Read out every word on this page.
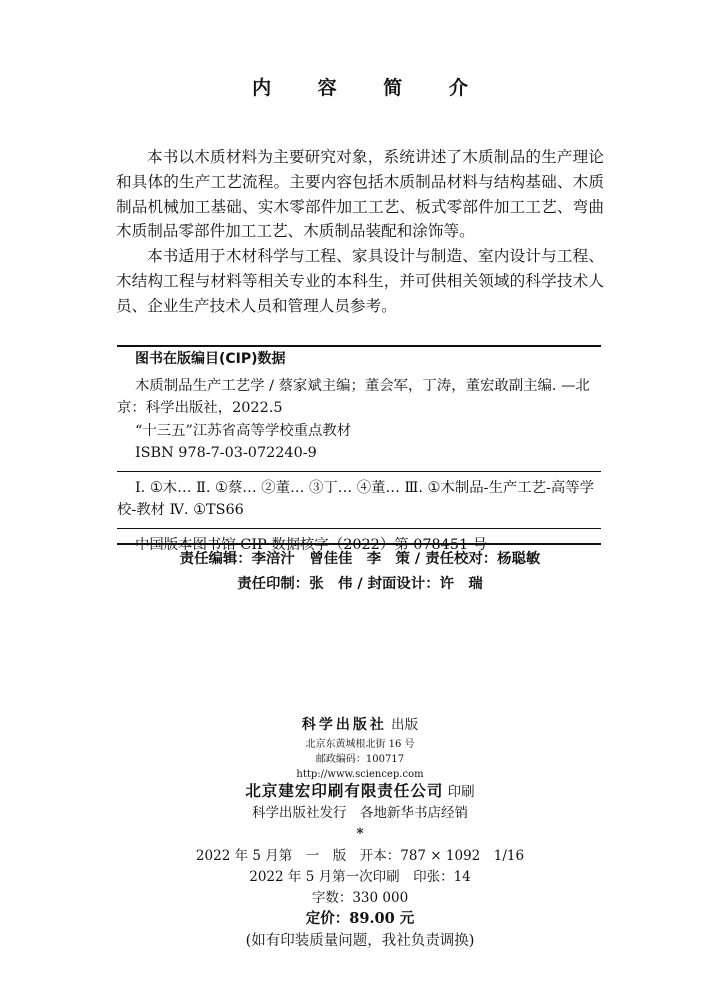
内 容 简 介

本书以木质材料为主要研究对象，系统讲述了木质制品的生产理论和具体的生产工艺流程。主要内容包括木质制品材料与结构基础、木质制品机械加工基础、实木零部件加工工艺、板式零部件加工工艺、弯曲木质制品零部件加工工艺、木质制品装配和涂饰等。

本书适用于木材科学与工程、家具设计与制造、室内设计与工程、木结构工程与材料等相关专业的本科生，并可供相关领域的科学技术人员、企业生产技术人员和管理人员参考。

图书在版编目(CIP)数据
木质制品生产工艺学 / 蔡家斌主编；董会军，丁涛，董宏敢副主编. —北京：科学出版社，2022.5
“十三五”江苏省高等学校重点教材
ISBN 978-7-03-072240-9
Ⅰ. ①木… Ⅱ. ①蔡… ②董… ③丁… ④董… Ⅲ. ①木制品-生产工艺-高等学校-教材 Ⅳ. ①TS66
责任编辑：李涪汁　曾佳佳　李　策 / 责任校对：杨聪敏
责任印制：张　伟 / 封面设计：许　瑞
科学出版社 出版
北京东黄城根北街 16 号
邮政编码：100717
http://www.sciencep.com
北京建宏印刷有限责任公司 印刷
科学出版社发行　各地新华书店经销
*
2022 年 5 月第　一　版　开本：787 × 1092　1/16
2022 年 5 月第一次印刷　印张：14
字数：330 000
定价：89.00 元
(如有印装质量问题，我社负责调换)
